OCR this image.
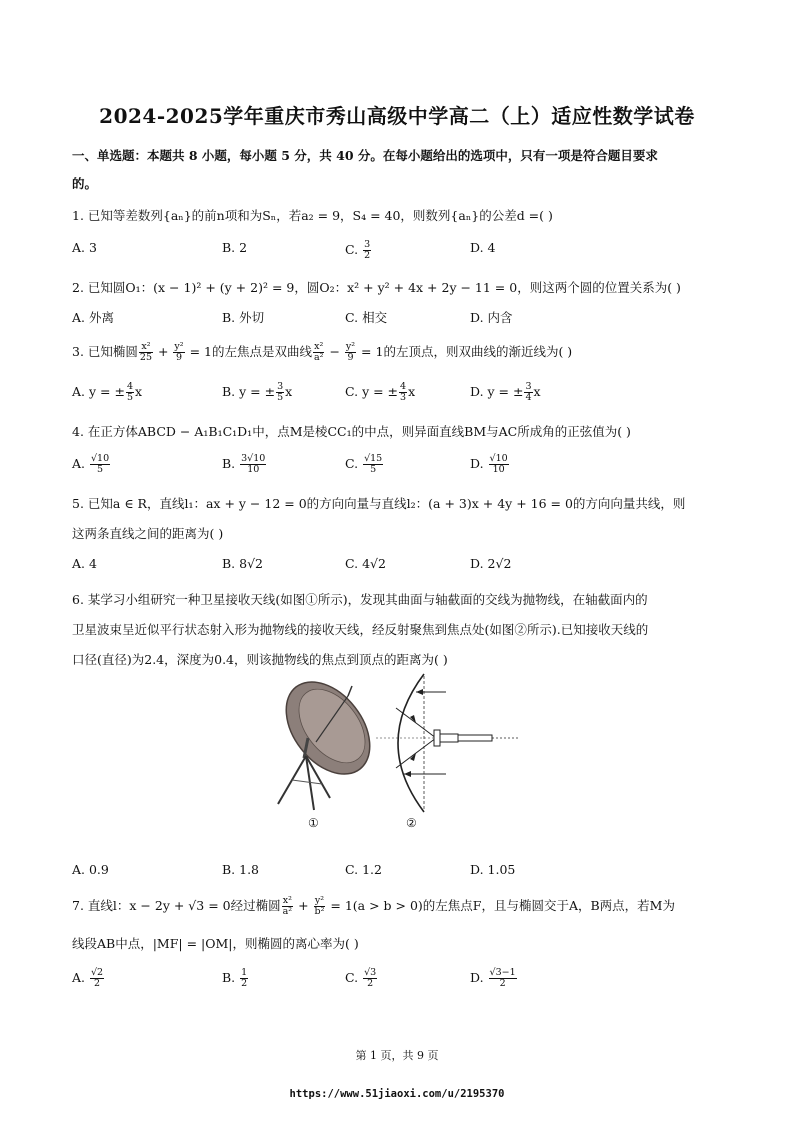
2024-2025学年重庆市秀山高级中学高二（上）适应性数学试卷
一、单选题：本题共 8 小题，每小题 5 分，共 40 分。在每小题给出的选项中，只有一项是符合题目要求
的。
1. 已知等差数列{aₙ}的前n项和为Sₙ，若a₂ = 9，S₄ = 40，则数列{aₙ}的公差d =( )
A. 3	B. 2	C. $\frac{3}{2}$	D. 4
2. 已知圆O₁：(x − 1)² + (y + 2)² = 9，圆O₂：x² + y² + 4x + 2y − 11 = 0，则这两个圆的位置关系为( )
A. 外离	B. 外切	C. 相交	D. 内含
3. 已知椭圆 $\frac{\text{x²}}{25} + \frac{\text{y²}}{9} = 1$的左焦点是双曲线 $\frac{\text{x²}}{\text{a²}} - \frac{\text{y²}}{9} = 1$的左顶点，则双曲线的渐近线为( )
A. y = ± $\frac{4}{5}$ x	B. y = ± $\frac{3}{5}$ x	C. y = ± $\frac{4}{3}$ x	D. y = ± $\frac{3}{4}$ x
4. 在正方体ABCD − A₁B₁C₁D₁中，点M是棱CC₁的中点，则异面直线BM与AC所成角的正弦值为( )
A. $\frac{√10}{5}$	B. $\frac{3√10}{10}$	C. $\frac{√15}{5}$	D. $\frac{√10}{10}$
5. 已知a ∈ R，直线l₁：ax + y − 12 = 0的方向向量与直线l₂：(a + 3)x + 4y + 16 = 0的方向向量共线，则
这两条直线之间的距离为( )
A. 4	B. 8√2	C. 4√2	D. 2√2
6. 某学习小组研究一种卫星接收天线(如图①所示)，发现其曲面与轴截面的交线为抛物线，在轴截面内的
卫星波束呈近似平行状态射入形为抛物线的接收天线，经反射聚焦到焦点处(如图②所示).已知接收天线的
口径(直径)为2.4，深度为0.4，则该抛物线的焦点到顶点的距离为( )
①	②
A. 0.9	B. 1.8	C. 1.2	D. 1.05
7. 直线l：x − 2y + √3 = 0经过椭圆 $\frac{\text{x²}}{\text{a²}} + \frac{\text{y²}}{\text{b²}} = 1(a > b > 0)$的左焦点F，且与椭圆交于A，B两点，若M为
线段AB中点，|MF| = |OM|，则椭圆的离心率为( )
A. $\frac{√2}{2}$	B. $\frac{1}{2}$	C. $\frac{√3}{2}$	D. $\frac{√3-1}{2}$
第 1 页，共 9 页
https://www.51jiaoxi.com/u/2195370
